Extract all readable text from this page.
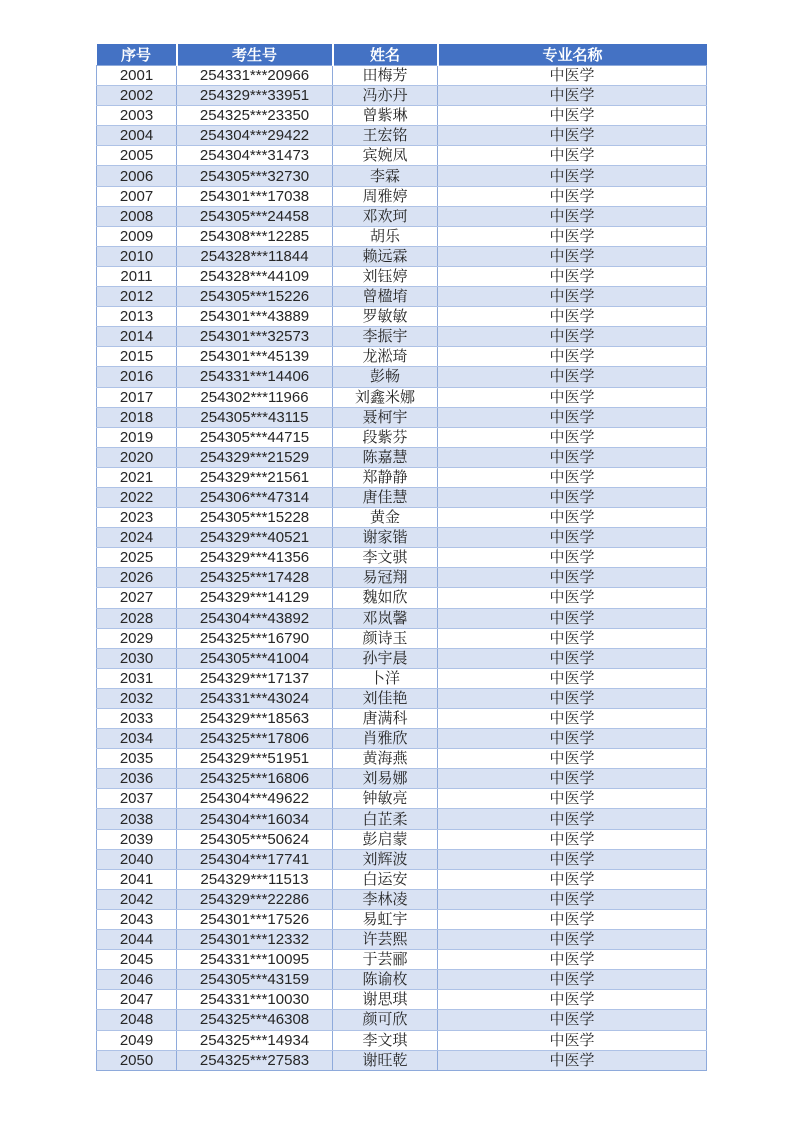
序号	考生号	姓名	专业名称
2001	254331***20966	田梅芳	中医学
2002	254329***33951	冯亦丹	中医学
2003	254325***23350	曾紫琳	中医学
2004	254304***29422	王宏铭	中医学
2005	254304***31473	宾婉凤	中医学
2006	254305***32730	李霖	中医学
2007	254301***17038	周雅婷	中医学
2008	254305***24458	邓欢珂	中医学
2009	254308***12285	胡乐	中医学
2010	254328***11844	赖远霖	中医学
2011	254328***44109	刘钰婷	中医学
2012	254305***15226	曾楹堉	中医学
2013	254301***43889	罗敏敏	中医学
2014	254301***32573	李振宇	中医学
2015	254301***45139	龙淞琦	中医学
2016	254331***14406	彭畅	中医学
2017	254302***11966	刘鑫米娜	中医学
2018	254305***43115	聂柯宇	中医学
2019	254305***44715	段紫芬	中医学
2020	254329***21529	陈嘉慧	中医学
2021	254329***21561	郑静静	中医学
2022	254306***47314	唐佳慧	中医学
2023	254305***15228	黄金	中医学
2024	254329***40521	谢家锴	中医学
2025	254329***41356	李文骐	中医学
2026	254325***17428	易冠翔	中医学
2027	254329***14129	魏如欣	中医学
2028	254304***43892	邓岚馨	中医学
2029	254325***16790	颜诗玉	中医学
2030	254305***41004	孙宇晨	中医学
2031	254329***17137	卜洋	中医学
2032	254331***43024	刘佳艳	中医学
2033	254329***18563	唐满科	中医学
2034	254325***17806	肖雅欣	中医学
2035	254329***51951	黄海燕	中医学
2036	254325***16806	刘易娜	中医学
2037	254304***49622	钟敏亮	中医学
2038	254304***16034	白芷柔	中医学
2039	254305***50624	彭启蒙	中医学
2040	254304***17741	刘辉波	中医学
2041	254329***11513	白运安	中医学
2042	254329***22286	李林凌	中医学
2043	254301***17526	易虹宇	中医学
2044	254301***12332	许芸熙	中医学
2045	254331***10095	于芸郦	中医学
2046	254305***43159	陈谕枚	中医学
2047	254331***10030	谢思琪	中医学
2048	254325***46308	颜可欣	中医学
2049	254325***14934	李文琪	中医学
2050	254325***27583	谢旺乾	中医学
